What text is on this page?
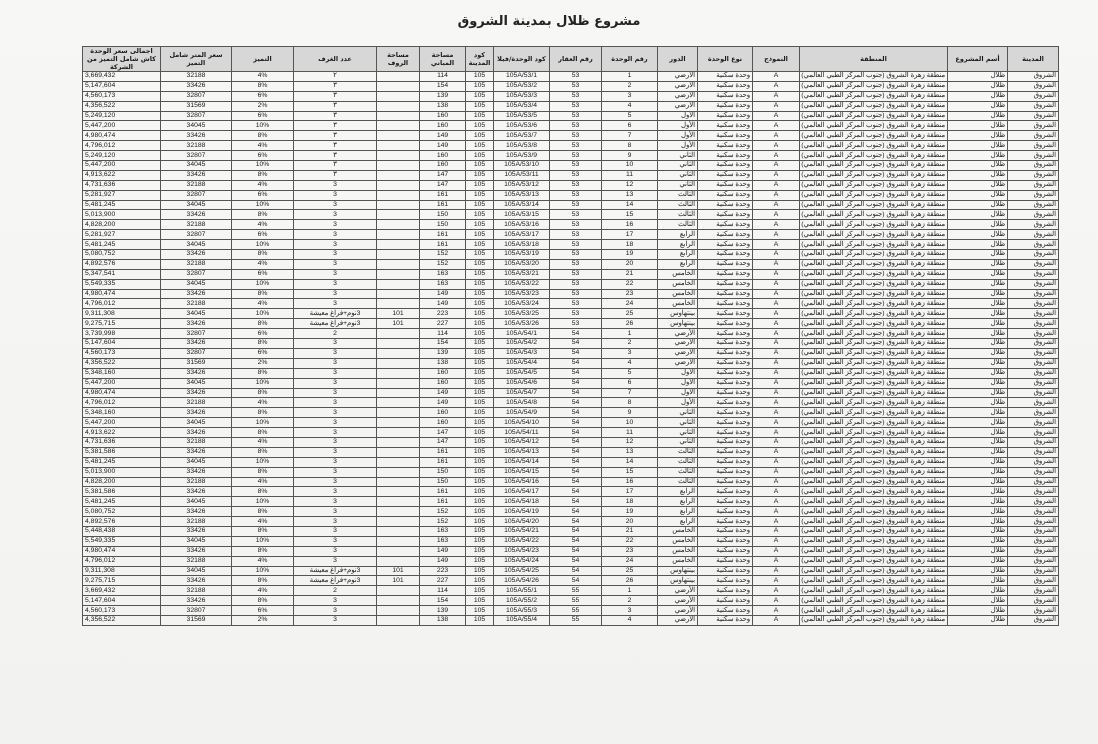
مشروع ظلال بمدينة الشروق
المدينة	أسم المشروع	المنطقة	النموذج	نوع الوحدة	الدور	رقم الوحدة	رقم العقار	كود الوحدة/فيلا	كود المدينة	مساحة المباني	مساحة الروف	عدد الغرف	التميز	سعر المتر شامل التميز	اجمالى سعر الوحدة كاش شامل التميز من الشركة
الشروق	ظلال	منطقة زهرة الشروق (جنوب المركز الطبي العالمي)	A	وحدة سكنية	الأرضي	1	53	105A/53/1	105	114		٢	4%	32188	3,669,432
الشروق	ظلال	منطقة زهرة الشروق (جنوب المركز الطبي العالمي)	A	وحدة سكنية	الأرضي	2	53	105A/53/2	105	154		٣	8%	33426	5,147,604
الشروق	ظلال	منطقة زهرة الشروق (جنوب المركز الطبي العالمي)	A	وحدة سكنية	الأرضي	3	53	105A/53/3	105	139		٣	6%	32807	4,560,173
الشروق	ظلال	منطقة زهرة الشروق (جنوب المركز الطبي العالمي)	A	وحدة سكنية	الأرضي	4	53	105A/53/4	105	138		٣	2%	31569	4,356,522
الشروق	ظلال	منطقة زهرة الشروق (جنوب المركز الطبي العالمي)	A	وحدة سكنية	الأول	5	53	105A/53/5	105	160		٣	6%	32807	5,249,120
الشروق	ظلال	منطقة زهرة الشروق (جنوب المركز الطبي العالمي)	A	وحدة سكنية	الأول	6	53	105A/53/6	105	160		٣	10%	34045	5,447,200
الشروق	ظلال	منطقة زهرة الشروق (جنوب المركز الطبي العالمي)	A	وحدة سكنية	الأول	7	53	105A/53/7	105	149		٣	8%	33426	4,980,474
الشروق	ظلال	منطقة زهرة الشروق (جنوب المركز الطبي العالمي)	A	وحدة سكنية	الأول	8	53	105A/53/8	105	149		٣	4%	32188	4,796,012
الشروق	ظلال	منطقة زهرة الشروق (جنوب المركز الطبي العالمي)	A	وحدة سكنية	الثاني	9	53	105A/53/9	105	160		٣	6%	32807	5,249,120
الشروق	ظلال	منطقة زهرة الشروق (جنوب المركز الطبي العالمي)	A	وحدة سكنية	الثاني	10	53	105A/53/10	105	160		٣	10%	34045	5,447,200
الشروق	ظلال	منطقة زهرة الشروق (جنوب المركز الطبي العالمي)	A	وحدة سكنية	الثاني	11	53	105A/53/11	105	147		٣	8%	33426	4,913,622
الشروق	ظلال	منطقة زهرة الشروق (جنوب المركز الطبي العالمي)	A	وحدة سكنية	الثاني	12	53	105A/53/12	105	147		3	4%	32188	4,731,636
الشروق	ظلال	منطقة زهرة الشروق (جنوب المركز الطبي العالمي)	A	وحدة سكنية	الثالث	13	53	105A/53/13	105	161		3	6%	32807	5,281,927
الشروق	ظلال	منطقة زهرة الشروق (جنوب المركز الطبي العالمي)	A	وحدة سكنية	الثالث	14	53	105A/53/14	105	161		3	10%	34045	5,481,245
الشروق	ظلال	منطقة زهرة الشروق (جنوب المركز الطبي العالمي)	A	وحدة سكنية	الثالث	15	53	105A/53/15	105	150		3	8%	33426	5,013,900
الشروق	ظلال	منطقة زهرة الشروق (جنوب المركز الطبي العالمي)	A	وحدة سكنية	الثالث	16	53	105A/53/16	105	150		3	4%	32188	4,828,200
الشروق	ظلال	منطقة زهرة الشروق (جنوب المركز الطبي العالمي)	A	وحدة سكنية	الرابع	17	53	105A/53/17	105	161		3	6%	32807	5,281,927
الشروق	ظلال	منطقة زهرة الشروق (جنوب المركز الطبي العالمي)	A	وحدة سكنية	الرابع	18	53	105A/53/18	105	161		3	10%	34045	5,481,245
الشروق	ظلال	منطقة زهرة الشروق (جنوب المركز الطبي العالمي)	A	وحدة سكنية	الرابع	19	53	105A/53/19	105	152		3	8%	33426	5,080,752
الشروق	ظلال	منطقة زهرة الشروق (جنوب المركز الطبي العالمي)	A	وحدة سكنية	الرابع	20	53	105A/53/20	105	152		3	4%	32188	4,892,576
الشروق	ظلال	منطقة زهرة الشروق (جنوب المركز الطبي العالمي)	A	وحدة سكنية	الخامس	21	53	105A/53/21	105	163		3	6%	32807	5,347,541
الشروق	ظلال	منطقة زهرة الشروق (جنوب المركز الطبي العالمي)	A	وحدة سكنية	الخامس	22	53	105A/53/22	105	163		3	10%	34045	5,549,335
الشروق	ظلال	منطقة زهرة الشروق (جنوب المركز الطبي العالمي)	A	وحدة سكنية	الخامس	23	53	105A/53/23	105	149		3	8%	33426	4,980,474
الشروق	ظلال	منطقة زهرة الشروق (جنوب المركز الطبي العالمي)	A	وحدة سكنية	الخامس	24	53	105A/53/24	105	149		3	4%	32188	4,796,012
الشروق	ظلال	منطقة زهرة الشروق (جنوب المركز الطبي العالمي)	A	وحدة سكنية	بينتهاوس	25	53	105A/53/25	105	223	101	3نوم+فراغ معيشة	10%	34045	9,311,308
الشروق	ظلال	منطقة زهرة الشروق (جنوب المركز الطبي العالمي)	A	وحدة سكنية	بينتهاوس	26	53	105A/53/26	105	227	101	3نوم+فراغ معيشة	8%	33426	9,275,715
الشروق	ظلال	منطقة زهرة الشروق (جنوب المركز الطبي العالمي)	A	وحدة سكنية	الأرضي	1	54	105A/54/1	105	114		2	6%	32807	3,739,998
الشروق	ظلال	منطقة زهرة الشروق (جنوب المركز الطبي العالمي)	A	وحدة سكنية	الأرضي	2	54	105A/54/2	105	154		3	8%	33426	5,147,604
الشروق	ظلال	منطقة زهرة الشروق (جنوب المركز الطبي العالمي)	A	وحدة سكنية	الأرضي	3	54	105A/54/3	105	139		3	6%	32807	4,560,173
الشروق	ظلال	منطقة زهرة الشروق (جنوب المركز الطبي العالمي)	A	وحدة سكنية	الأرضي	4	54	105A/54/4	105	138		3	2%	31569	4,356,522
الشروق	ظلال	منطقة زهرة الشروق (جنوب المركز الطبي العالمي)	A	وحدة سكنية	الأول	5	54	105A/54/5	105	160		3	8%	33426	5,348,160
الشروق	ظلال	منطقة زهرة الشروق (جنوب المركز الطبي العالمي)	A	وحدة سكنية	الأول	6	54	105A/54/6	105	160		3	10%	34045	5,447,200
الشروق	ظلال	منطقة زهرة الشروق (جنوب المركز الطبي العالمي)	A	وحدة سكنية	الأول	7	54	105A/54/7	105	149		3	8%	33426	4,980,474
الشروق	ظلال	منطقة زهرة الشروق (جنوب المركز الطبي العالمي)	A	وحدة سكنية	الأول	8	54	105A/54/8	105	149		3	4%	32188	4,796,012
الشروق	ظلال	منطقة زهرة الشروق (جنوب المركز الطبي العالمي)	A	وحدة سكنية	الثاني	9	54	105A/54/9	105	160		3	8%	33426	5,348,160
الشروق	ظلال	منطقة زهرة الشروق (جنوب المركز الطبي العالمي)	A	وحدة سكنية	الثاني	10	54	105A/54/10	105	160		3	10%	34045	5,447,200
الشروق	ظلال	منطقة زهرة الشروق (جنوب المركز الطبي العالمي)	A	وحدة سكنية	الثاني	11	54	105A/54/11	105	147		3	8%	33426	4,913,622
الشروق	ظلال	منطقة زهرة الشروق (جنوب المركز الطبي العالمي)	A	وحدة سكنية	الثاني	12	54	105A/54/12	105	147		3	4%	32188	4,731,636
الشروق	ظلال	منطقة زهرة الشروق (جنوب المركز الطبي العالمي)	A	وحدة سكنية	الثالث	13	54	105A/54/13	105	161		3	8%	33426	5,381,586
الشروق	ظلال	منطقة زهرة الشروق (جنوب المركز الطبي العالمي)	A	وحدة سكنية	الثالث	14	54	105A/54/14	105	161		3	10%	34045	5,481,245
الشروق	ظلال	منطقة زهرة الشروق (جنوب المركز الطبي العالمي)	A	وحدة سكنية	الثالث	15	54	105A/54/15	105	150		3	8%	33426	5,013,900
الشروق	ظلال	منطقة زهرة الشروق (جنوب المركز الطبي العالمي)	A	وحدة سكنية	الثالث	16	54	105A/54/16	105	150		3	4%	32188	4,828,200
الشروق	ظلال	منطقة زهرة الشروق (جنوب المركز الطبي العالمي)	A	وحدة سكنية	الرابع	17	54	105A/54/17	105	161		3	8%	33426	5,381,586
الشروق	ظلال	منطقة زهرة الشروق (جنوب المركز الطبي العالمي)	A	وحدة سكنية	الرابع	18	54	105A/54/18	105	161		3	10%	34045	5,481,245
الشروق	ظلال	منطقة زهرة الشروق (جنوب المركز الطبي العالمي)	A	وحدة سكنية	الرابع	19	54	105A/54/19	105	152		3	8%	33426	5,080,752
الشروق	ظلال	منطقة زهرة الشروق (جنوب المركز الطبي العالمي)	A	وحدة سكنية	الرابع	20	54	105A/54/20	105	152		3	4%	32188	4,892,576
الشروق	ظلال	منطقة زهرة الشروق (جنوب المركز الطبي العالمي)	A	وحدة سكنية	الخامس	21	54	105A/54/21	105	163		3	8%	33426	5,448,438
الشروق	ظلال	منطقة زهرة الشروق (جنوب المركز الطبي العالمي)	A	وحدة سكنية	الخامس	22	54	105A/54/22	105	163		3	10%	34045	5,549,335
الشروق	ظلال	منطقة زهرة الشروق (جنوب المركز الطبي العالمي)	A	وحدة سكنية	الخامس	23	54	105A/54/23	105	149		3	8%	33426	4,980,474
الشروق	ظلال	منطقة زهرة الشروق (جنوب المركز الطبي العالمي)	A	وحدة سكنية	الخامس	24	54	105A/54/24	105	149		3	4%	32188	4,796,012
الشروق	ظلال	منطقة زهرة الشروق (جنوب المركز الطبي العالمي)	A	وحدة سكنية	بينتهاوس	25	54	105A/54/25	105	223	101	3نوم+فراغ معيشة	10%	34045	9,311,308
الشروق	ظلال	منطقة زهرة الشروق (جنوب المركز الطبي العالمي)	A	وحدة سكنية	بينتهاوس	26	54	105A/54/26	105	227	101	3نوم+فراغ معيشة	8%	33426	9,275,715
الشروق	ظلال	منطقة زهرة الشروق (جنوب المركز الطبي العالمي)	A	وحدة سكنية	الأرضي	1	55	105A/55/1	105	114		2	4%	32188	3,669,432
الشروق	ظلال	منطقة زهرة الشروق (جنوب المركز الطبي العالمي)	A	وحدة سكنية	الأرضي	2	55	105A/55/2	105	154		3	8%	33426	5,147,604
الشروق	ظلال	منطقة زهرة الشروق (جنوب المركز الطبي العالمي)	A	وحدة سكنية	الأرضي	3	55	105A/55/3	105	139		3	6%	32807	4,560,173
الشروق	ظلال	منطقة زهرة الشروق (جنوب المركز الطبي العالمي)	A	وحدة سكنية	الأرضي	4	55	105A/55/4	105	138		3	2%	31569	4,356,522
